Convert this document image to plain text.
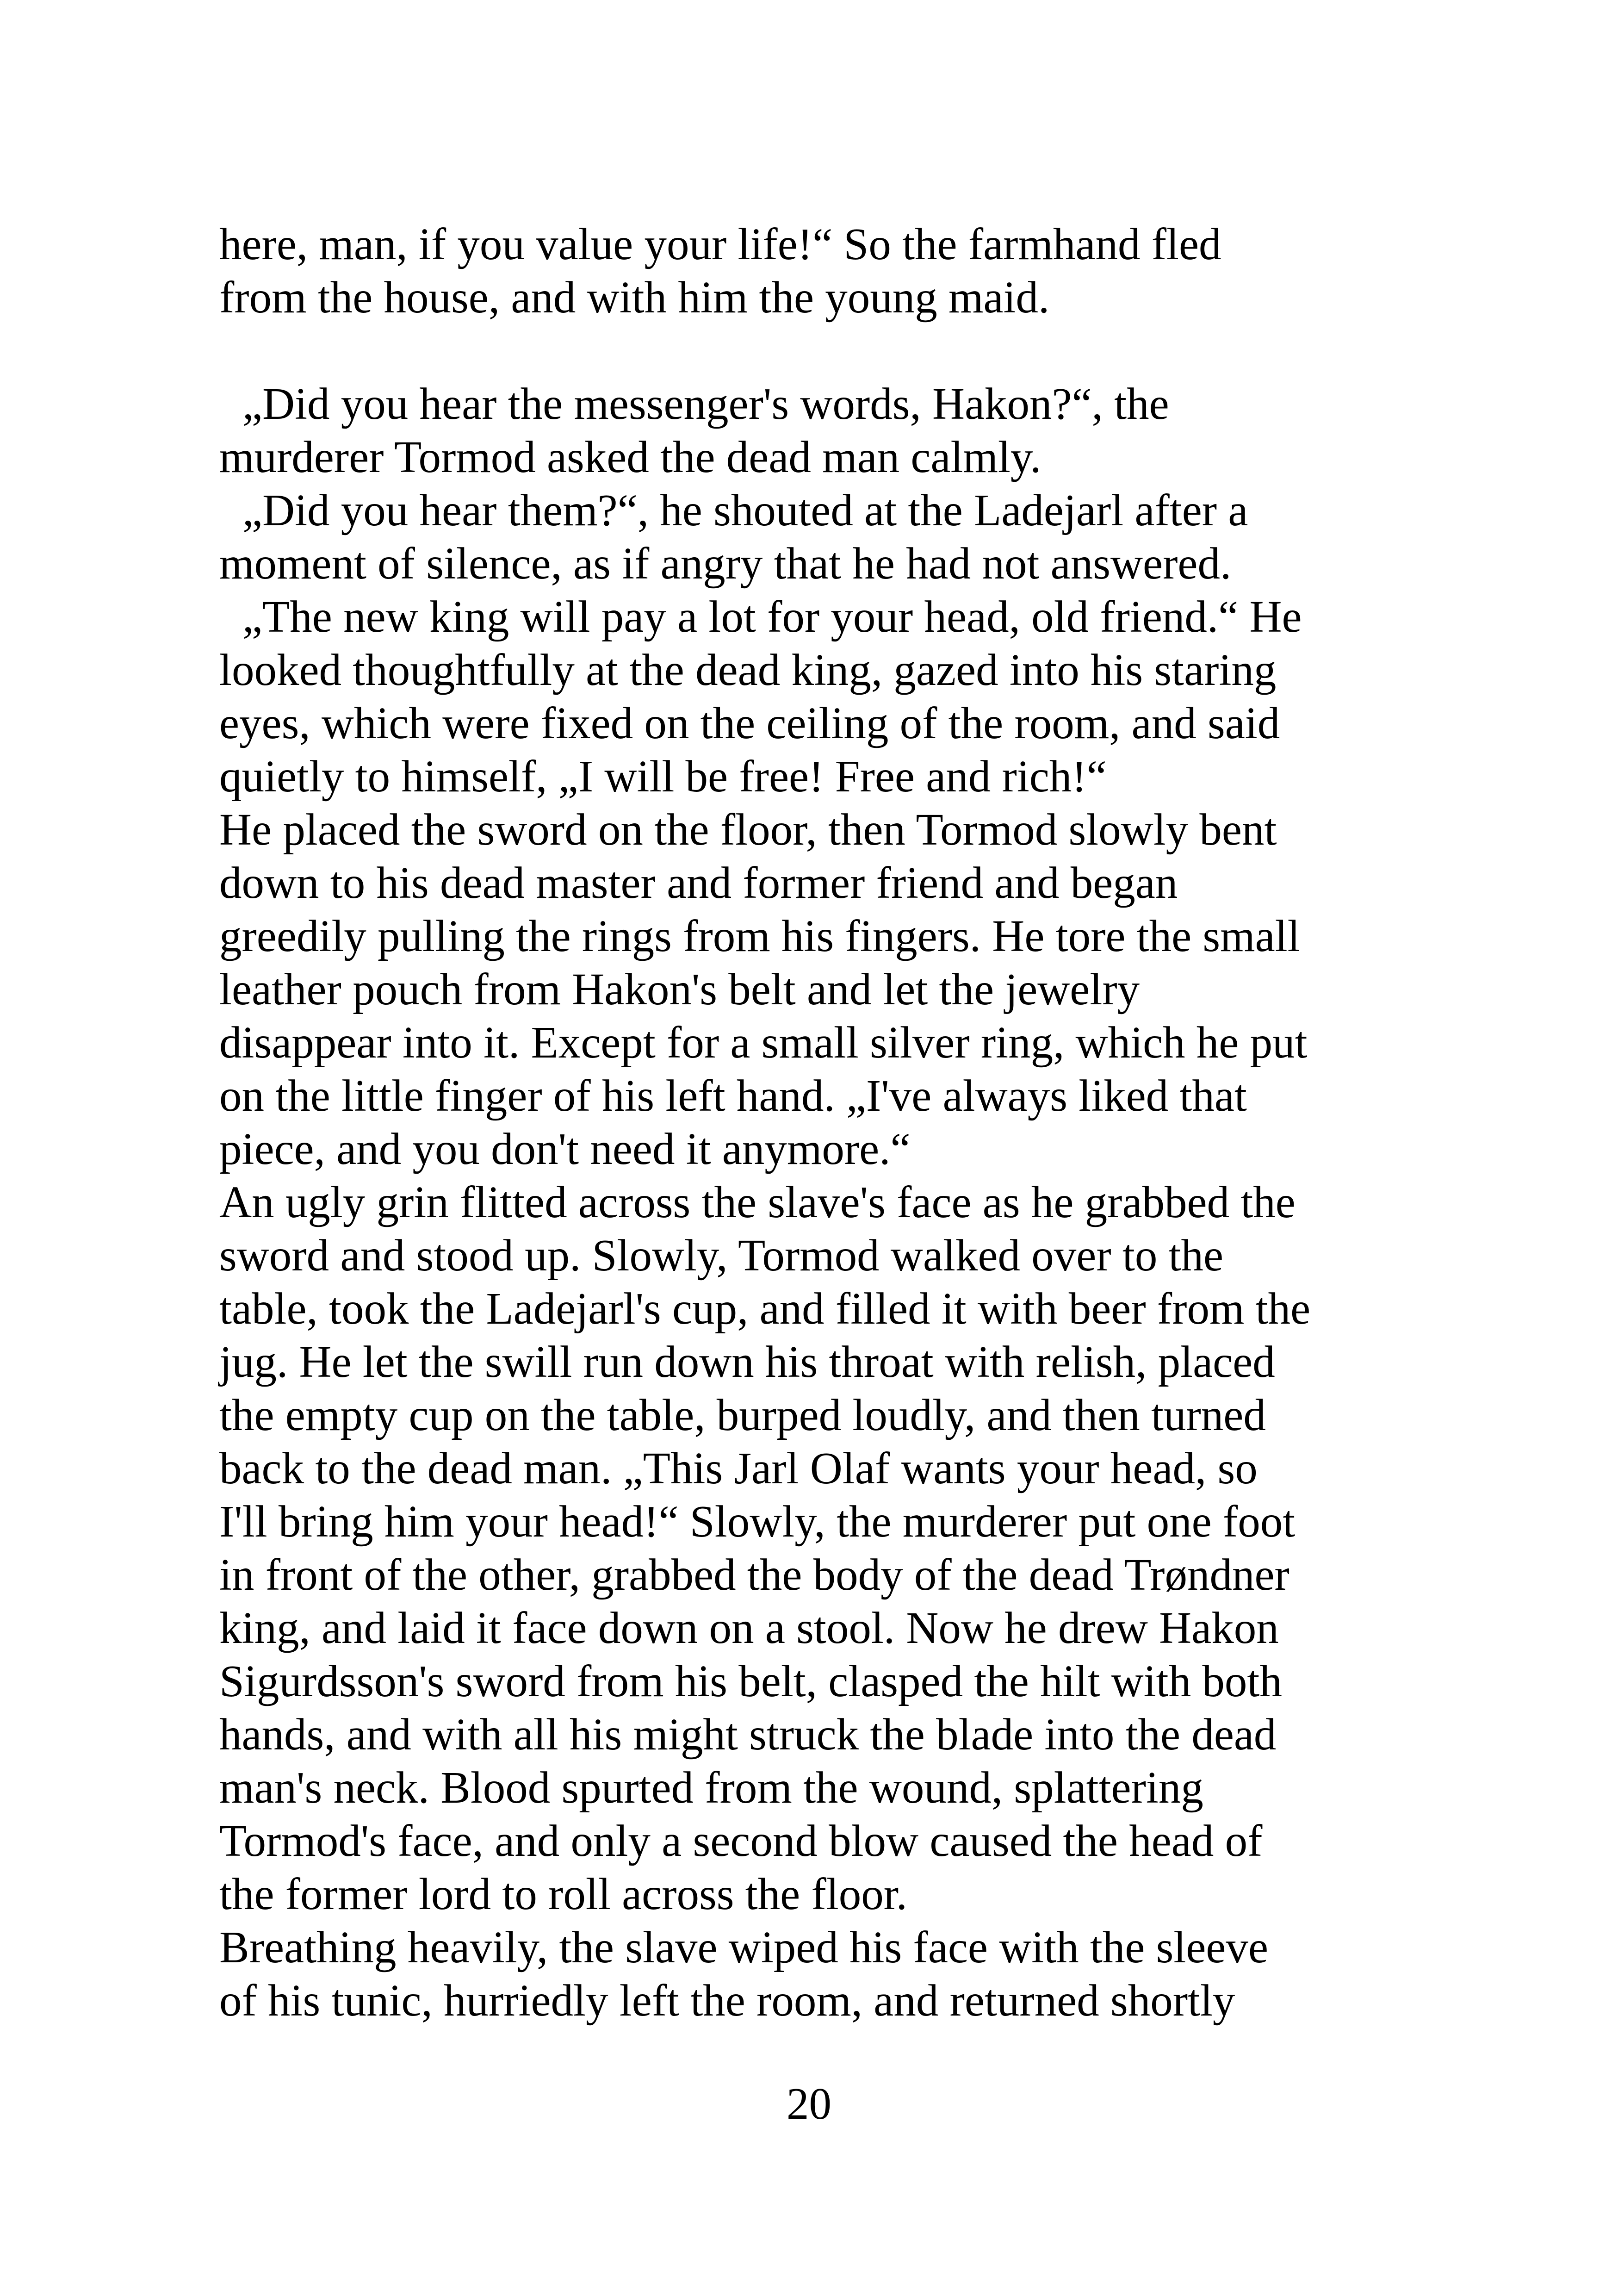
here, man, if you value your life!“ So the farmhand fled
from the house, and with him the young maid.
„Did you hear the messenger's words, Hakon?“, the
murderer Tormod asked the dead man calmly.
„Did you hear them?“, he shouted at the Ladejarl after a
moment of silence, as if angry that he had not answered.
„The new king will pay a lot for your head, old friend.“ He
looked thoughtfully at the dead king, gazed into his staring
eyes, which were fixed on the ceiling of the room, and said
quietly to himself, „I will be free! Free and rich!“
He placed the sword on the floor, then Tormod slowly bent
down to his dead master and former friend and began
greedily pulling the rings from his fingers. He tore the small
leather pouch from Hakon's belt and let the jewelry
disappear into it. Except for a small silver ring, which he put
on the little finger of his left hand. „I've always liked that
piece, and you don't need it anymore.“
An ugly grin flitted across the slave's face as he grabbed the
sword and stood up. Slowly, Tormod walked over to the
table, took the Ladejarl's cup, and filled it with beer from the
jug. He let the swill run down his throat with relish, placed
the empty cup on the table, burped loudly, and then turned
back to the dead man. „This Jarl Olaf wants your head, so
I'll bring him your head!“ Slowly, the murderer put one foot
in front of the other, grabbed the body of the dead Trøndner
king, and laid it face down on a stool. Now he drew Hakon
Sigurdsson's sword from his belt, clasped the hilt with both
hands, and with all his might struck the blade into the dead
man's neck. Blood spurted from the wound, splattering
Tormod's face, and only a second blow caused the head of
the former lord to roll across the floor.
Breathing heavily, the slave wiped his face with the sleeve
of his tunic, hurriedly left the room, and returned shortly
20
